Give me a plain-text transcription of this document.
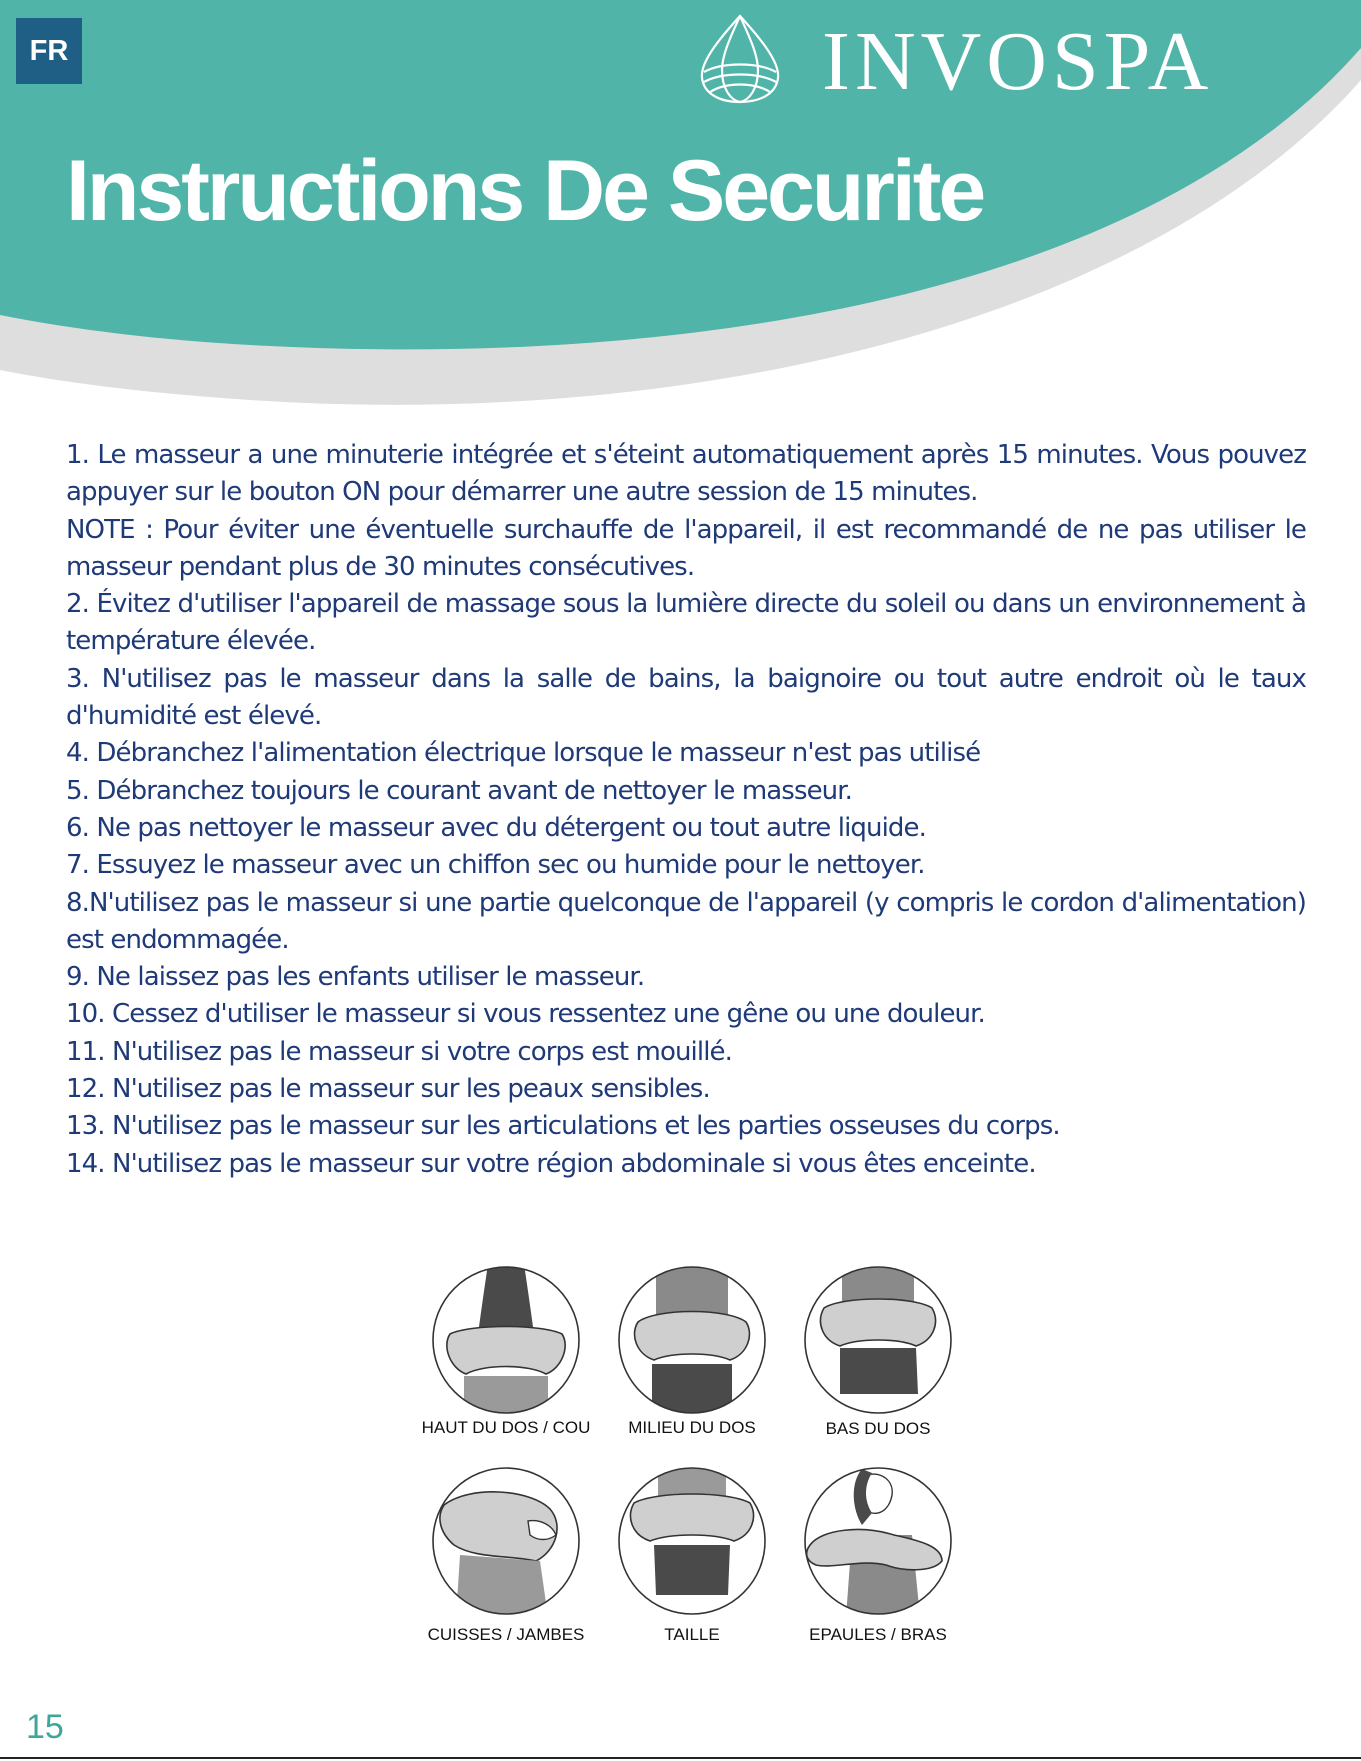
FR	INVOSPA
Instructions De Securite

1. Le masseur a une minuterie intégrée et s'éteint automatiquement après 15 minutes. Vous pouvez appuyer sur le bouton ON pour démarrer une autre session de 15 minutes.

NOTE : Pour éviter une éventuelle surchauffe de l'appareil, il est recommandé de ne pas utiliser le masseur pendant plus de 30 minutes consécutives.

2. Évitez d'utiliser l'appareil de massage sous la lumière directe du soleil ou dans un environnement à température élevée.

3. N'utilisez pas le masseur dans la salle de bains, la baignoire ou tout autre endroit où le taux d'humidité est élevé.

4. Débranchez l'alimentation électrique lorsque le masseur n'est pas utilisé

5. Débranchez toujours le courant avant de nettoyer le masseur.

6. Ne pas nettoyer le masseur avec du détergent ou tout autre liquide.

7. Essuyez le masseur avec un chiffon sec ou humide pour le nettoyer.

8.N'utilisez pas le masseur si une partie quelconque de l'appareil (y compris le cordon d'alimentation) est endommagée.

9. Ne laissez pas les enfants utiliser le masseur.

10. Cessez d'utiliser le masseur si vous ressentez une gêne ou une douleur.

11. N'utilisez pas le masseur si votre corps est mouillé.

12. N'utilisez pas le masseur sur les peaux sensibles.

13. N'utilisez pas le masseur sur les articulations et les parties osseuses du corps.

14. N'utilisez pas le masseur sur votre région abdominale si vous êtes enceinte.

HAUT DU DOS / COU	MILIEU DU DOS	BAS DU DOS
CUISSES / JAMBES	TAILLE	EPAULES / BRAS
15
